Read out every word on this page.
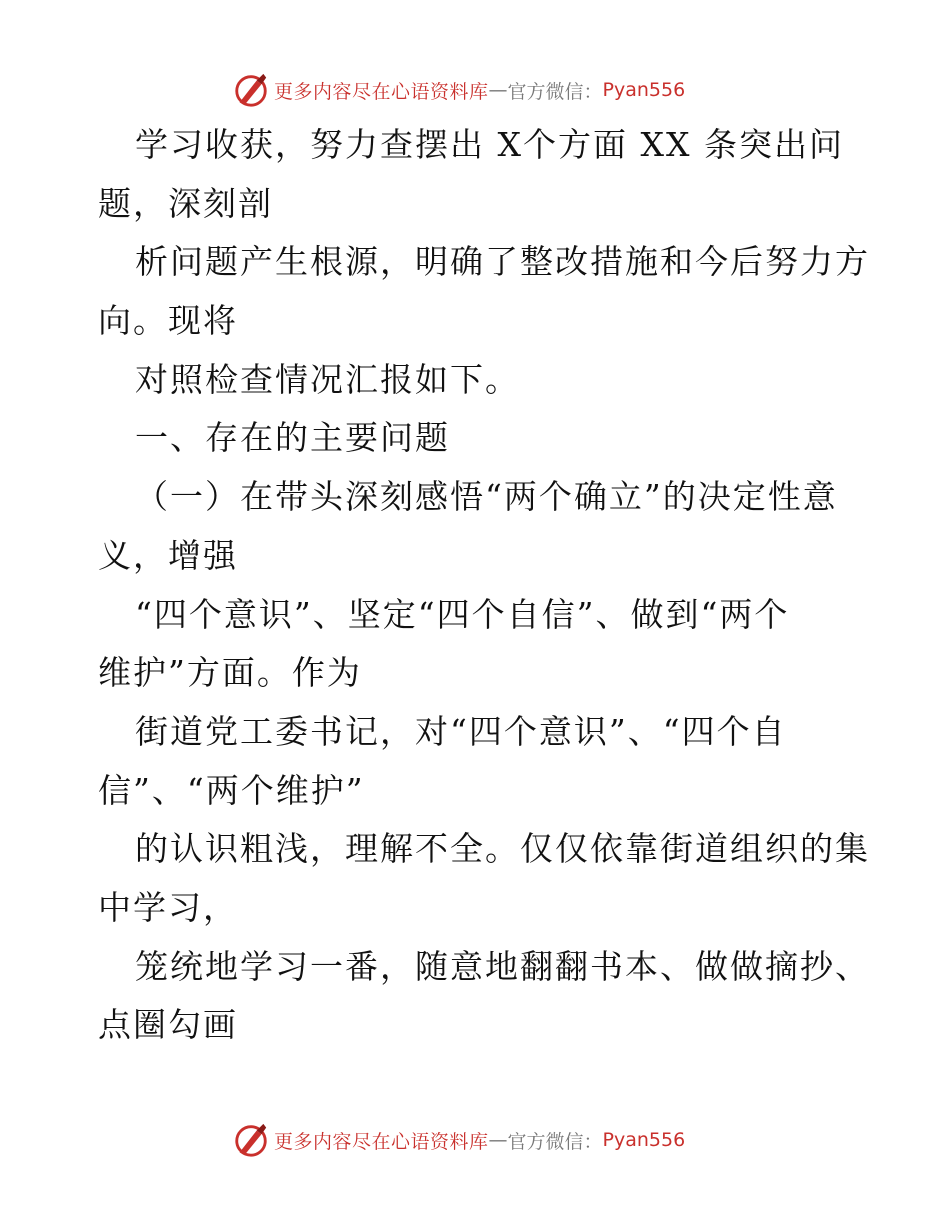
更多内容尽在心语资料库 — 官方微信： Pyan556
学习收获，努力查摆出 X个方面 XX 条突出问
题，深刻剖
析问题产生根源，明确了整改措施和今后努力方
向。现将
对照检查情况汇报如下。
一、存在的主要问题
（一）在带头深刻感悟“两个确立”的决定性意
义，增强
“四个意识”、坚定“四个自信”、做到“两个
维护”方面。作为
街道党工委书记，对“四个意识”、“四个自
信”、“两个维护”
的认识粗浅，理解不全。仅仅依靠街道组织的集
中学习，
笼统地学习一番，随意地翻翻书本、做做摘抄、
点圈勾画
更多内容尽在心语资料库 — 官方微信： Pyan556
